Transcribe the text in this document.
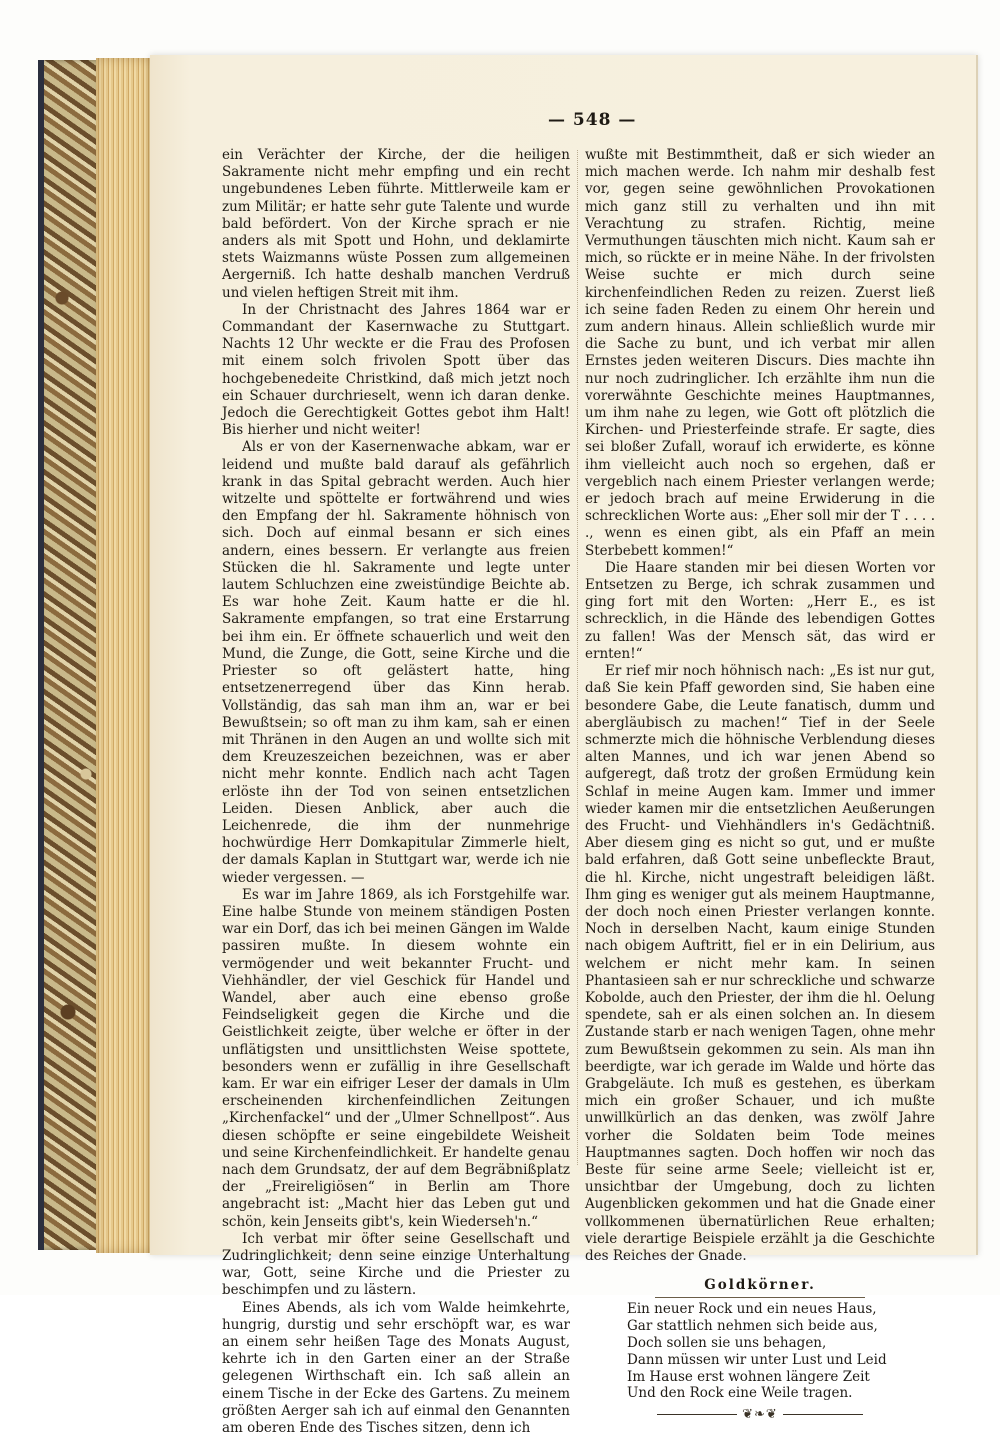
— 548 —

ein Verächter der Kirche, der die heiligen Sakramente nicht mehr empfing und ein recht ungebundenes Leben führte. Mittlerweile kam er zum Militär; er hatte sehr gute Talente und wurde bald befördert. Von der Kirche sprach er nie anders als mit Spott und Hohn, und deklamirte stets Waizmanns wüste Possen zum allgemeinen Aergerniß. Ich hatte deshalb manchen Verdruß und vielen heftigen Streit mit ihm.

In der Christnacht des Jahres 1864 war er Commandant der Kasernwache zu Stuttgart. Nachts 12 Uhr weckte er die Frau des Profosen mit einem solch frivolen Spott über das hochgebenedeite Christkind, daß mich jetzt noch ein Schauer durchrieselt, wenn ich daran denke. Jedoch die Gerechtigkeit Gottes gebot ihm Halt! Bis hierher und nicht weiter!

Als er von der Kasernenwache abkam, war er leidend und mußte bald darauf als gefährlich krank in das Spital gebracht werden. Auch hier witzelte und spöttelte er fortwährend und wies den Empfang der hl. Sakramente höhnisch von sich. Doch auf einmal besann er sich eines andern, eines bessern. Er verlangte aus freien Stücken die hl. Sakramente und legte unter lautem Schluchzen eine zweistündige Beichte ab. Es war hohe Zeit. Kaum hatte er die hl. Sakramente empfangen, so trat eine Erstarrung bei ihm ein. Er öffnete schauerlich und weit den Mund, die Zunge, die Gott, seine Kirche und die Priester so oft gelästert hatte, hing entsetzenerregend über das Kinn herab. Vollständig, das sah man ihm an, war er bei Bewußtsein; so oft man zu ihm kam, sah er einen mit Thränen in den Augen an und wollte sich mit dem Kreuzeszeichen bezeichnen, was er aber nicht mehr konnte. Endlich nach acht Tagen erlöste ihn der Tod von seinen entsetzlichen Leiden. Diesen Anblick, aber auch die Leichenrede, die ihm der nunmehrige hochwürdige Herr Domkapitular Zimmerle hielt, der damals Kaplan in Stuttgart war, werde ich nie wieder vergessen. —

Es war im Jahre 1869, als ich Forstgehilfe war. Eine halbe Stunde von meinem ständigen Posten war ein Dorf, das ich bei meinen Gängen im Walde passiren mußte. In diesem wohnte ein vermögender und weit bekannter Frucht- und Viehhändler, der viel Geschick für Handel und Wandel, aber auch eine ebenso große Feindseligkeit gegen die Kirche und die Geistlichkeit zeigte, über welche er öfter in der unflätigsten und unsittlichsten Weise spottete, besonders wenn er zufällig in ihre Gesellschaft kam. Er war ein eifriger Leser der damals in Ulm erscheinenden kirchenfeindlichen Zeitungen „Kirchenfackel“ und der „Ulmer Schnellpost“. Aus diesen schöpfte er seine eingebildete Weisheit und seine Kirchenfeindlichkeit. Er handelte genau nach dem Grundsatz, der auf dem Begräbnißplatz der „Freireligiösen“ in Berlin am Thore angebracht ist: „Macht hier das Leben gut und schön, kein Jenseits gibt's, kein Wiederseh'n.“

Ich verbat mir öfter seine Gesellschaft und Zudringlichkeit; denn seine einzige Unterhaltung war, Gott, seine Kirche und die Priester zu beschimpfen und zu lästern.

Eines Abends, als ich vom Walde heimkehrte, hungrig, durstig und sehr erschöpft war, es war an einem sehr heißen Tage des Monats August, kehrte ich in den Garten einer an der Straße gelegenen Wirthschaft ein. Ich saß allein an einem Tische in der Ecke des Gartens. Zu meinem größten Aerger sah ich auf einmal den Genannten am oberen Ende des Tisches sitzen, denn ich

wußte mit Bestimmtheit, daß er sich wieder an mich machen werde. Ich nahm mir deshalb fest vor, gegen seine gewöhnlichen Provokationen mich ganz still zu verhalten und ihn mit Verachtung zu strafen. Richtig, meine Vermuthungen täuschten mich nicht. Kaum sah er mich, so rückte er in meine Nähe. In der frivolsten Weise suchte er mich durch seine kirchenfeindlichen Reden zu reizen. Zuerst ließ ich seine faden Reden zu einem Ohr herein und zum andern hinaus. Allein schließlich wurde mir die Sache zu bunt, und ich verbat mir allen Ernstes jeden weiteren Discurs. Dies machte ihn nur noch zudringlicher. Ich erzählte ihm nun die vorerwähnte Geschichte meines Hauptmannes, um ihm nahe zu legen, wie Gott oft plötzlich die Kirchen- und Priesterfeinde strafe. Er sagte, dies sei bloßer Zufall, worauf ich erwiderte, es könne ihm vielleicht auch noch so ergehen, daß er vergeblich nach einem Priester verlangen werde; er jedoch brach auf meine Erwiderung in die schrecklichen Worte aus: „Eher soll mir der T . . . . ., wenn es einen gibt, als ein Pfaff an mein Sterbebett kommen!“

Die Haare standen mir bei diesen Worten vor Entsetzen zu Berge, ich schrak zusammen und ging fort mit den Worten: „Herr E., es ist schrecklich, in die Hände des lebendigen Gottes zu fallen! Was der Mensch sät, das wird er ernten!“

Er rief mir noch höhnisch nach: „Es ist nur gut, daß Sie kein Pfaff geworden sind, Sie haben eine besondere Gabe, die Leute fanatisch, dumm und abergläubisch zu machen!“ Tief in der Seele schmerzte mich die höhnische Verblendung dieses alten Mannes, und ich war jenen Abend so aufgeregt, daß trotz der großen Ermüdung kein Schlaf in meine Augen kam. Immer und immer wieder kamen mir die entsetzlichen Aeußerungen des Frucht- und Viehhändlers in's Gedächtniß. Aber diesem ging es nicht so gut, und er mußte bald erfahren, daß Gott seine unbefleckte Braut, die hl. Kirche, nicht ungestraft beleidigen läßt. Ihm ging es weniger gut als meinem Hauptmanne, der doch noch einen Priester verlangen konnte. Noch in derselben Nacht, kaum einige Stunden nach obigem Auftritt, fiel er in ein Delirium, aus welchem er nicht mehr kam. In seinen Phantasieen sah er nur schreckliche und schwarze Kobolde, auch den Priester, der ihm die hl. Oelung spendete, sah er als einen solchen an. In diesem Zustande starb er nach wenigen Tagen, ohne mehr zum Bewußtsein gekommen zu sein. Als man ihn beerdigte, war ich gerade im Walde und hörte das Grabgeläute. Ich muß es gestehen, es überkam mich ein großer Schauer, und ich mußte unwillkürlich an das denken, was zwölf Jahre vorher die Soldaten beim Tode meines Hauptmannes sagten. Doch hoffen wir noch das Beste für seine arme Seele; vielleicht ist er, unsichtbar der Umgebung, doch zu lichten Augenblicken gekommen und hat die Gnade einer vollkommenen übernatürlichen Reue erhalten; viele derartige Beispiele erzählt ja die Geschichte des Reiches der Gnade.

Goldkörner.
Ein neuer Rock und ein neues Haus,
Gar stattlich nehmen sich beide aus,
Doch sollen sie uns behagen,
Dann müssen wir unter Lust und Leid
Im Hause erst wohnen längere Zeit
Und den Rock eine Weile tragen.
❦❧❦
